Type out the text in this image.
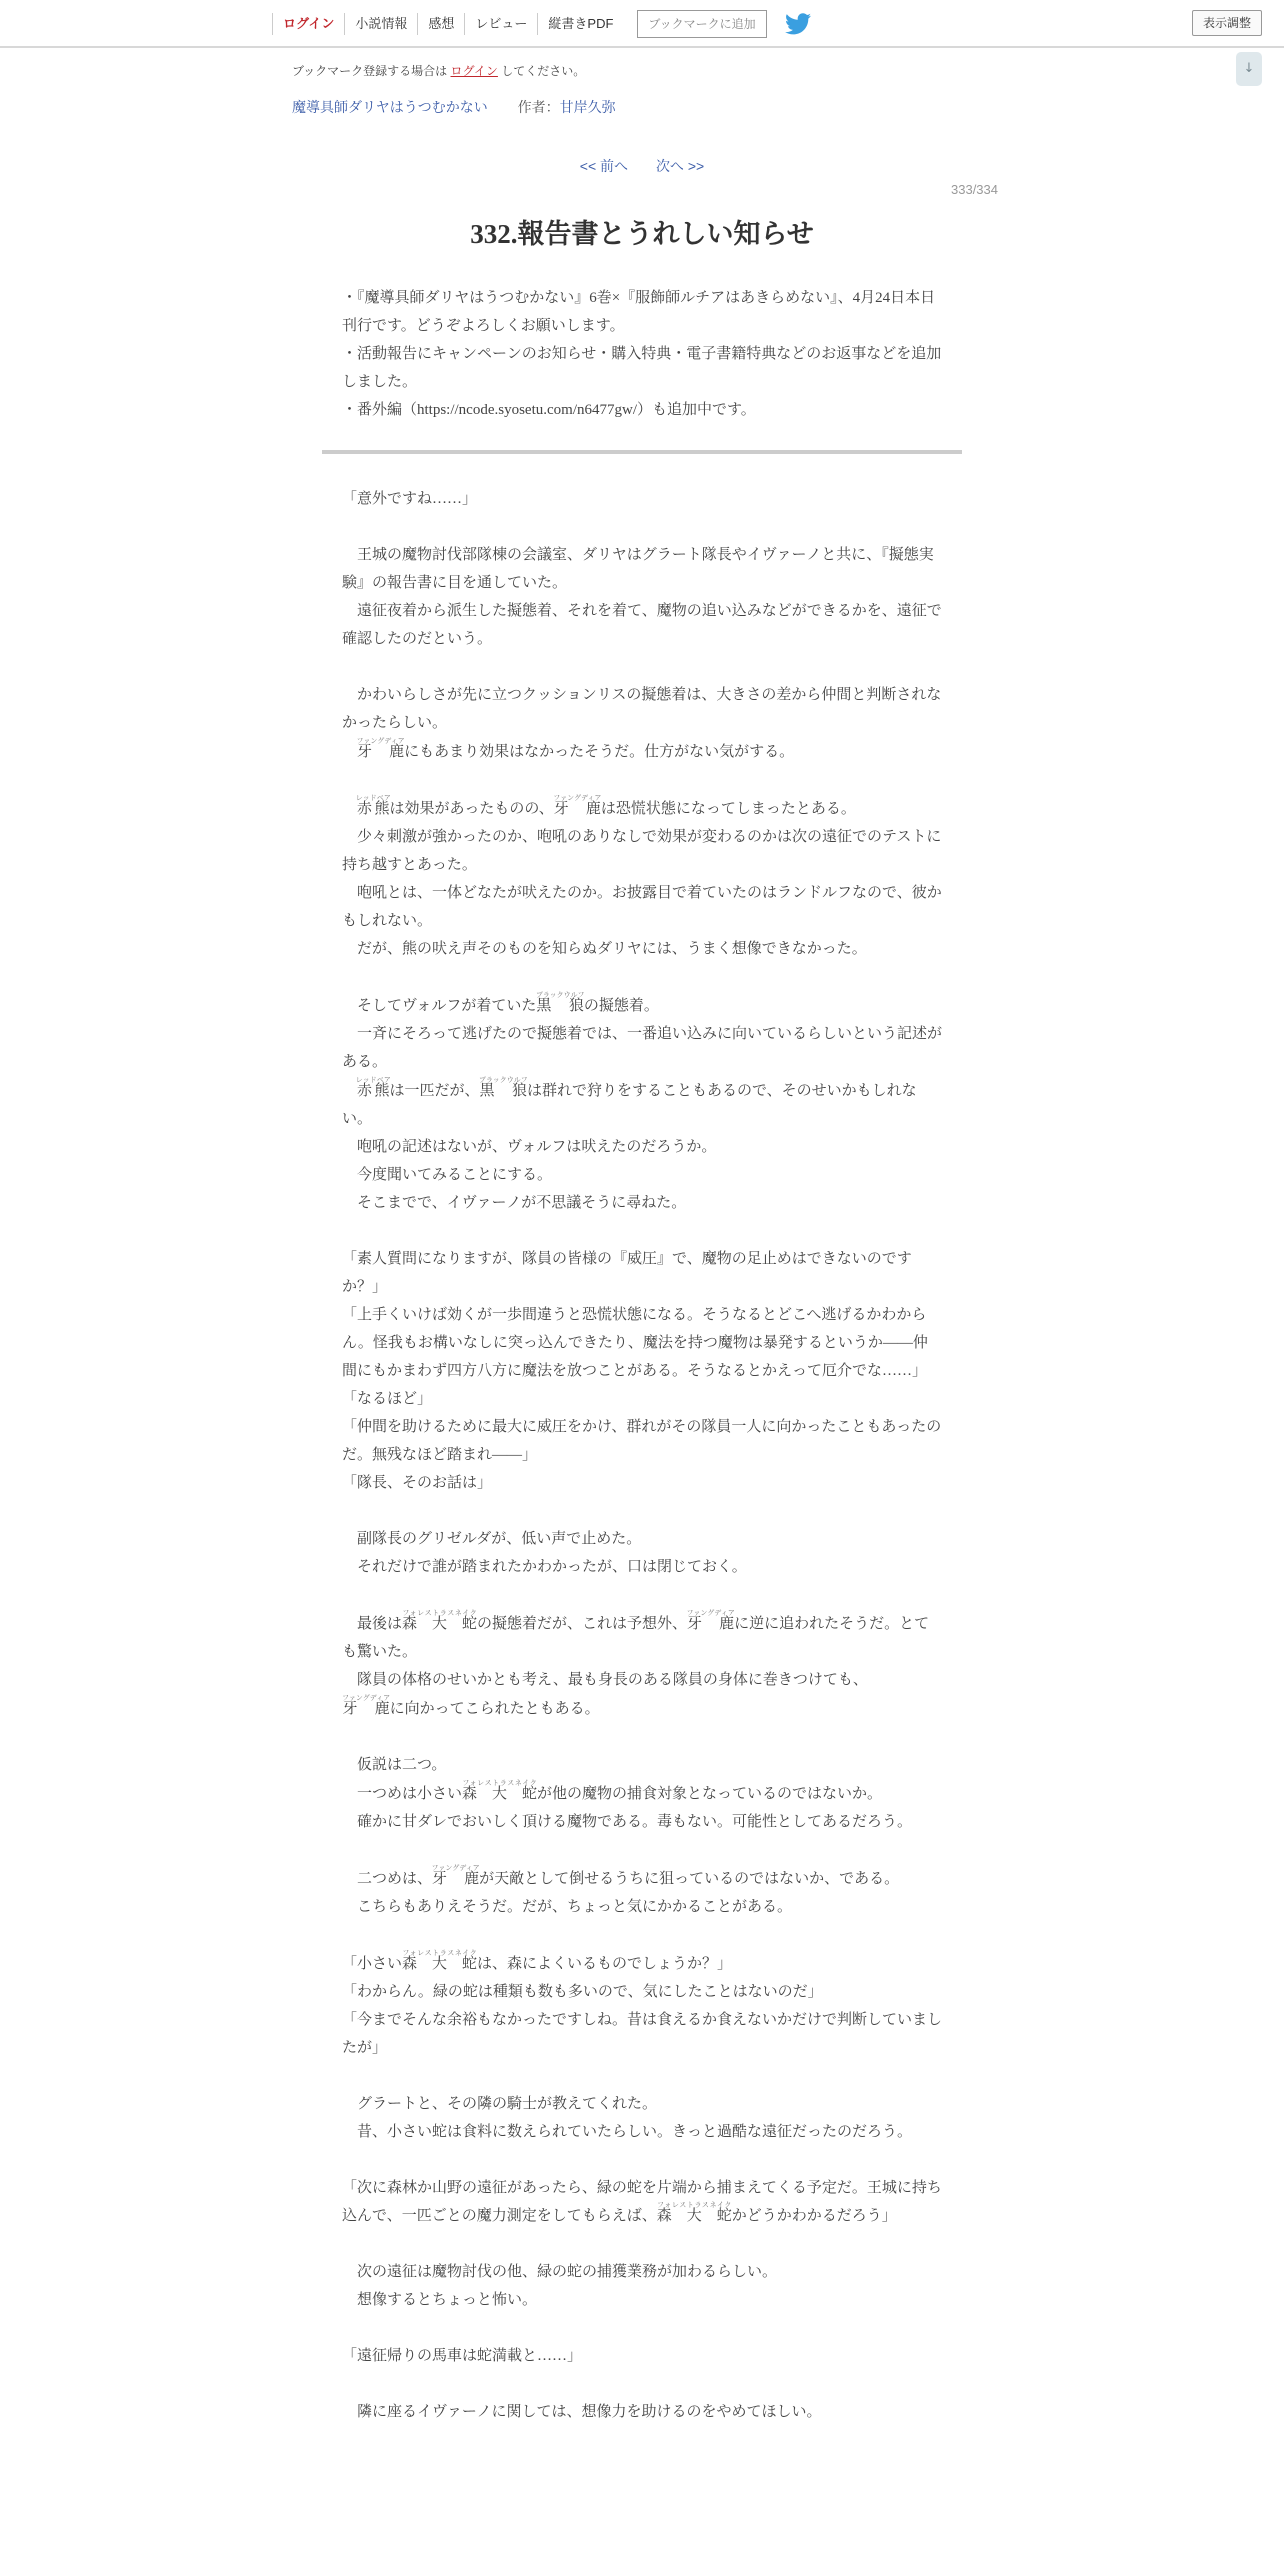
ログイン	小説情報	感想	レビュー	縦書きPDF	ブックマークに追加	表示調整
↓
ブックマーク登録する場合は ログイン してください。
魔導具師ダリヤはうつむかない 作者：甘岸久弥
<< 前へ 次へ >>
333/334
332.報告書とうれしい知らせ

・『魔導具師ダリヤはうつむかない』6巻×『服飾師ルチアはあきらめない』、4月24日本日刊行です。どうぞよろしくお願いします。

・活動報告にキャンペーンのお知らせ・購入特典・電子書籍特典などのお返事などを追加しました。

・番外編（https://ncode.syosetu.com/n6477gw/）も追加中です。

「意外ですね……」

　王城の魔物討伐部隊棟の会議室、ダリヤはグラート隊長やイヴァーノと共に、『擬態実験』の報告書に目を通していた。

　遠征夜着から派生した擬態着、それを着て、魔物の追い込みなどができるかを、遠征で確認したのだという。

　かわいらしさが先に立つクッションリスの擬態着は、大きさの差から仲間と判断されなかったらしい。

　牙　鹿ファングディアにもあまり効果はなかったそうだ。仕方がない気がする。

　赤熊レッドベアは効果があったものの、牙　鹿ファングディアは恐慌状態になってしまったとある。

　少々刺激が強かったのか、咆吼のありなしで効果が変わるのかは次の遠征でのテストに持ち越すとあった。

　咆吼とは、一体どなたが吠えたのか。お披露目で着ていたのはランドルフなので、彼かもしれない。

　だが、熊の吠え声そのものを知らぬダリヤには、うまく想像できなかった。

　そしてヴォルフが着ていた黒　狼ブラックウルフの擬態着。

　一斉にそろって逃げたので擬態着では、一番追い込みに向いているらしいという記述がある。

　赤熊レッドベアは一匹だが、黒　狼ブラックウルフは群れで狩りをすることもあるので、そのせいかもしれない。

　咆吼の記述はないが、ヴォルフは吠えたのだろうか。

　今度聞いてみることにする。

　そこまでで、イヴァーノが不思議そうに尋ねた。

「素人質問になりますが、隊員の皆様の『威圧』で、魔物の足止めはできないのですか？」

「上手くいけば効くが一歩間違うと恐慌状態になる。そうなるとどこへ逃げるかわからん。怪我もお構いなしに突っ込んできたり、魔法を持つ魔物は暴発するというか――仲間にもかまわず四方八方に魔法を放つことがある。そうなるとかえって厄介でな……」

「なるほど」

「仲間を助けるために最大に威圧をかけ、群れがその隊員一人に向かったこともあったのだ。無残なほど踏まれ――」

「隊長、そのお話は」

　副隊長のグリゼルダが、低い声で止めた。

　それだけで誰が踏まれたかわかったが、口は閉じておく。

　最後は森　大　蛇フォレストラスネイクの擬態着だが、これは予想外、牙　鹿ファングディアに逆に追われたそうだ。とても驚いた。

　隊員の体格のせいかとも考え、最も身長のある隊員の身体に巻きつけても、

牙　鹿ファングディアに向かってこられたともある。

　仮説は二つ。

　一つめは小さい森　大　蛇フォレストラスネイクが他の魔物の捕食対象となっているのではないか。

　確かに甘ダレでおいしく頂ける魔物である。毒もない。可能性としてあるだろう。

　二つめは、牙　鹿ファングディアが天敵として倒せるうちに狙っているのではないか、である。

　こちらもありえそうだ。だが、ちょっと気にかかることがある。

「小さい森　大　蛇フォレストラスネイクは、森によくいるものでしょうか？」

「わからん。緑の蛇は種類も数も多いので、気にしたことはないのだ」

「今までそんな余裕もなかったですしね。昔は食えるか食えないかだけで判断していましたが」

　グラートと、その隣の騎士が教えてくれた。

　昔、小さい蛇は食料に数えられていたらしい。きっと過酷な遠征だったのだろう。

「次に森林か山野の遠征があったら、緑の蛇を片端から捕まえてくる予定だ。王城に持ち込んで、一匹ごとの魔力測定をしてもらえば、森　大　蛇フォレストラスネイクかどうかわかるだろう」

　次の遠征は魔物討伐の他、緑の蛇の捕獲業務が加わるらしい。

　想像するとちょっと怖い。

「遠征帰りの馬車は蛇満載と……」

　隣に座るイヴァーノに関しては、想像力を助けるのをやめてほしい。
